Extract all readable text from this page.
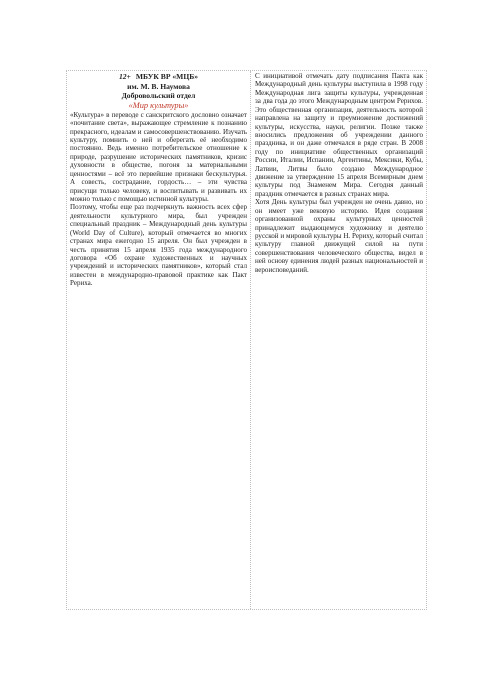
12+ МБУК ВР «МЦБ»
им. М. В. Наумова
Добровольский отдел
«Мир культуры»

«Культура» в переводе с санскритского дословно означает «почитание света», выражающее стремление к познанию прекрасного, идеалам и самосовершенствованию. Изучать культуру, помнить о ней и оберегать её необходимо постоянно. Ведь именно потребительское отношение к природе, разрушение исторических памятников, кризис духовности в обществе, погоня за материальными ценностями – всё это первейшие признаки бескультурья. А совесть, сострадание, гордость… – эти чувства присущи только человеку, и воспитывать и развивать их можно только с помощью истинной культуры.

Поэтому, чтобы еще раз подчеркнуть важность всех сфер деятельности культурного мира, был учрежден специальный праздник – Международный день культуры (World Day of Culture), который отмечается во многих странах мира ежегодно 15 апреля. Он был учрежден в честь принятия 15 апреля 1935 года международного договора «Об охране художественных и научных учреждений и исторических памятников», который стал известен в международно-правовой практике как Пакт Рериха.

С инициативой отмечать дату подписания Пакта как Международный день культуры выступила в 1998 году Международная лига защиты культуры, учрежденная за два года до этого Международным центром Рерихов. Это общественная организация, деятельность которой направлена на защиту и преумножение достижений культуры, искусства, науки, религии. Позже также вносились предложения об учреждении данного праздника, и он даже отмечался в ряде стран. В 2008 году по инициативе общественных организаций России, Италии, Испании, Аргентины, Мексики, Кубы, Латвии, Литвы было создано Международное движение за утверждение 15 апреля Всемирным днем культуры под Знаменем Мира. Сегодня данный праздник отмечается в разных странах мира.

Хотя День культуры был учрежден не очень давно, но он имеет уже вековую историю. Идея создания организованной охраны культурных ценностей принадлежит выдающемуся художнику и деятелю русской и мировой культуры Н. Рериху, который считал культуру главной движущей силой на пути совершенствования человеческого общества, видел в ней основу единения людей разных национальностей и вероисповеданий.
